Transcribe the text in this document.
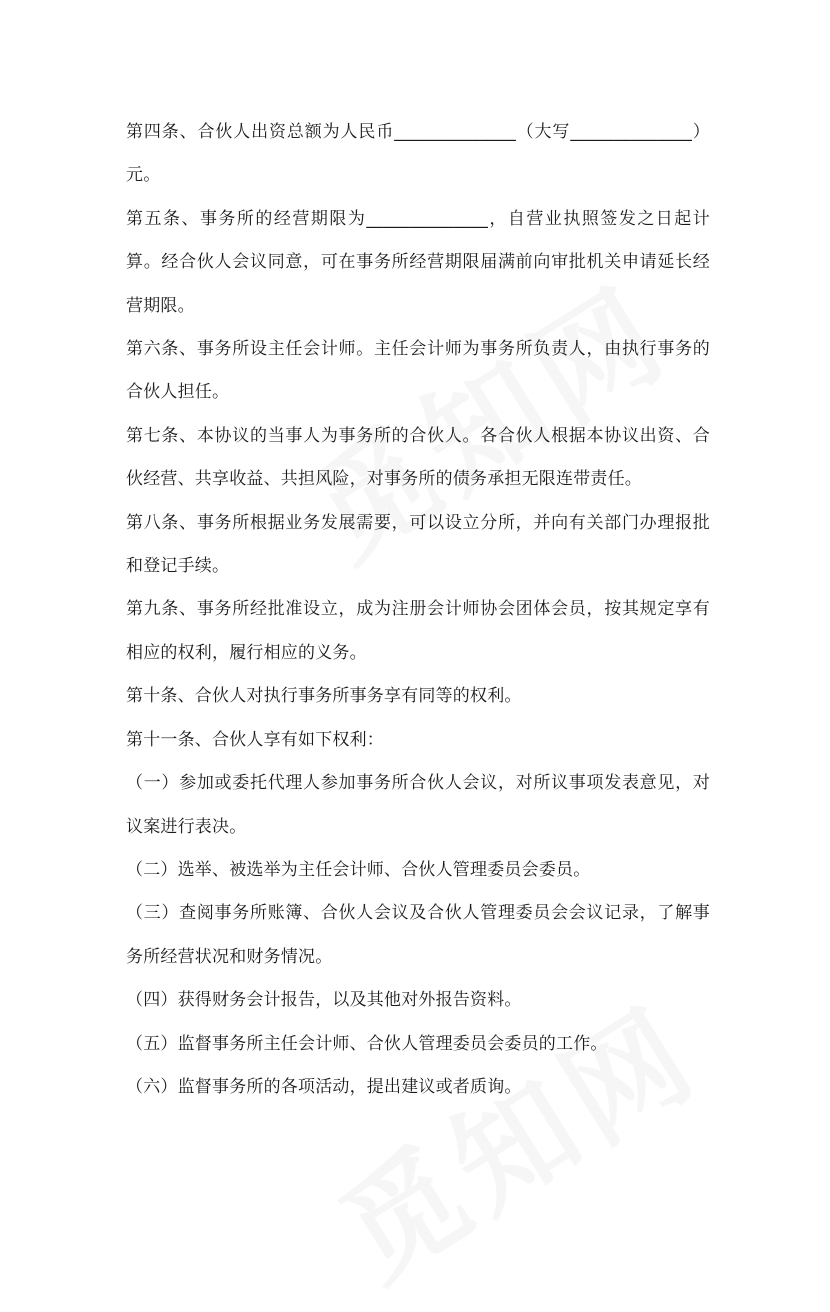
第四条、合伙人出资总额为人民币______________（大写______________）元。

第五条、事务所的经营期限为______________，自营业执照签发之日起计算。经合伙人会议同意，可在事务所经营期限届满前向审批机关申请延长经营期限。

第六条、事务所设主任会计师。主任会计师为事务所负责人，由执行事务的合伙人担任。

第七条、本协议的当事人为事务所的合伙人。各合伙人根据本协议出资、合伙经营、共享收益、共担风险，对事务所的债务承担无限连带责任。

第八条、事务所根据业务发展需要，可以设立分所，并向有关部门办理报批和登记手续。

第九条、事务所经批准设立，成为注册会计师协会团体会员，按其规定享有相应的权利，履行相应的义务。

第十条、合伙人对执行事务所事务享有同等的权利。

第十一条、合伙人享有如下权利：

（一）参加或委托代理人参加事务所合伙人会议，对所议事项发表意见，对议案进行表决。

（二）选举、被选举为主任会计师、合伙人管理委员会委员。

（三）查阅事务所账簿、合伙人会议及合伙人管理委员会会议记录，了解事务所经营状况和财务情况。

（四）获得财务会计报告，以及其他对外报告资料。

（五）监督事务所主任会计师、合伙人管理委员会委员的工作。

（六）监督事务所的各项活动，提出建议或者质询。
